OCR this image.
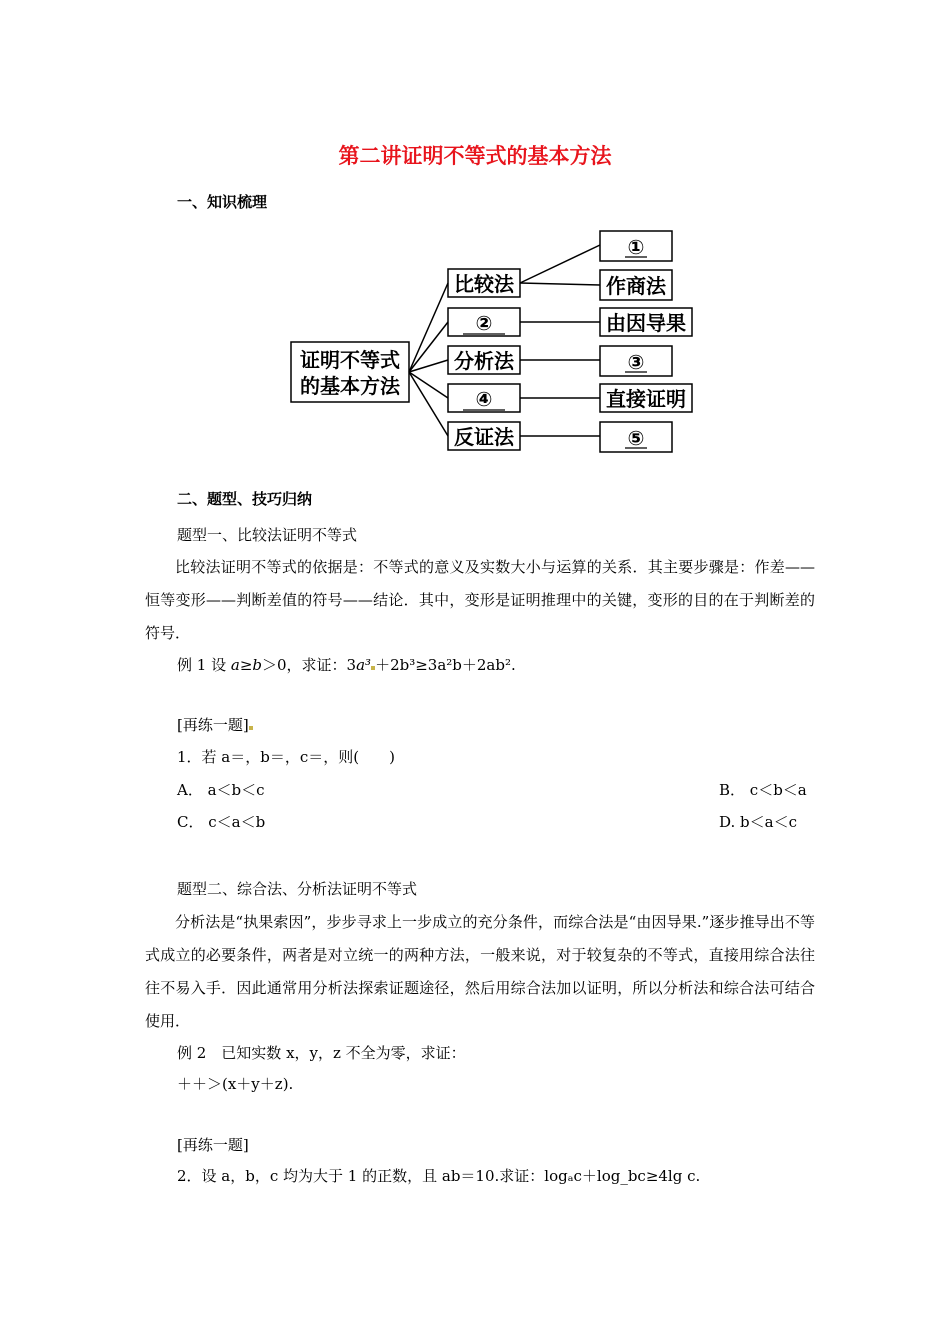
第二讲证明不等式的基本方法
一、知识梳理
证明不等式
的基本方法
比较法
②
分析法
④
反证法
①
作商法
由因导果
③
直接证明
⑤
二、题型、技巧归纳
题型一、比较法证明不等式
比较法证明不等式的依据是：不等式的意义及实数大小与运算的关系．其主要步骤是：作差——恒等变形——判断差值的符号——结论．其中，变形是证明推理中的关键，变形的目的在于判断差的符号．
例 1 设 a≥b＞0，求证：3a³ ＋2b³≥3a²b＋2ab².
[再练一题]
1．若 a＝，b＝，c＝，则(　　)
A． a＜b＜c	B． c＜b＜a
C． c＜a＜b	D. b＜a＜c
题型二、综合法、分析法证明不等式
分析法是“执果索因”，步步寻求上一步成立的充分条件，而综合法是“由因导果.”逐步推导出不等式成立的必要条件，两者是对立统一的两种方法，一般来说，对于较复杂的不等式，直接用综合法往往不易入手．因此通常用分析法探索证题途径，然后用综合法加以证明，所以分析法和综合法可结合使用．
例 2　已知实数 x，y，z 不全为零，求证：
＋＋＞(x＋y＋z).
[再练一题]
2．设 a，b，c 均为大于 1 的正数，且 ab＝10.求证：logₐc＋log_bc≥4lg c.
